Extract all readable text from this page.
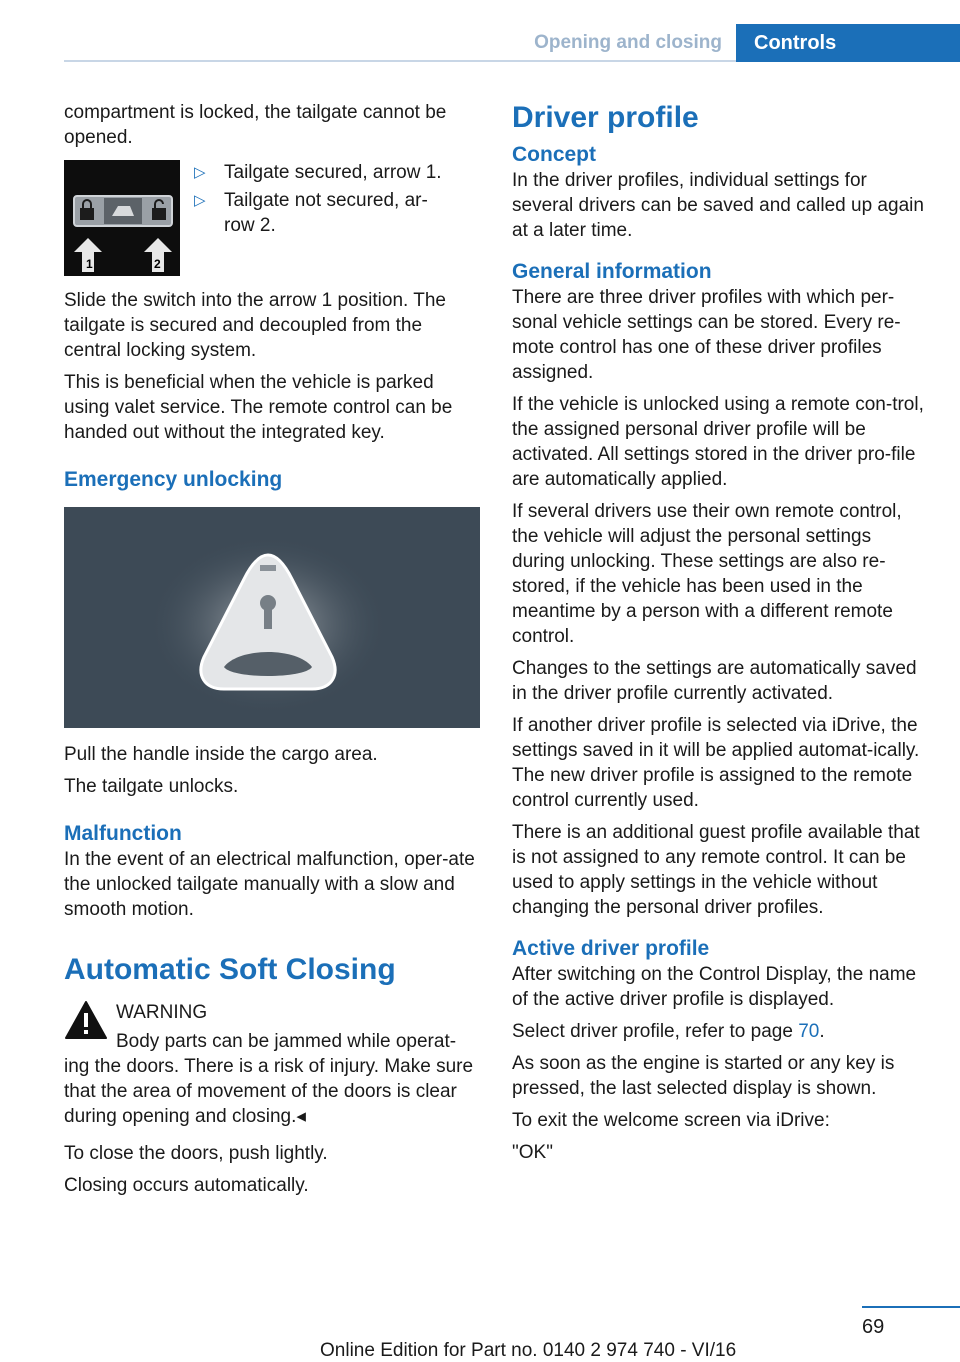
Opening and closing	Controls

compartment is locked, the tailgate cannot be opened.

1	2
▷ Tailgate secured, arrow 1.
▷ Tailgate not secured, ar-
row 2.

Slide the switch into the arrow 1 position. The tailgate is secured and decoupled from the central locking system.

This is beneficial when the vehicle is parked using valet service. The remote control can be handed out without the integrated key.

Emergency unlocking

Pull the handle inside the cargo area.

The tailgate unlocks.

Malfunction

In the event of an electrical malfunction, oper-ate the unlocked tailgate manually with a slow and smooth motion.

Automatic Soft Closing

WARNING

Body parts can be jammed while operat-

ing the doors. There is a risk of injury. Make sure that the area of movement of the doors is clear during opening and closing.◂

To close the doors, push lightly.

Closing occurs automatically.

Driver profile

Concept

In the driver profiles, individual settings for several drivers can be saved and called up again at a later time.

General information

There are three driver profiles with which per-sonal vehicle settings can be stored. Every re-mote control has one of these driver profiles assigned.

If the vehicle is unlocked using a remote con-trol, the assigned personal driver profile will be activated. All settings stored in the driver pro-file are automatically applied.

If several drivers use their own remote control, the vehicle will adjust the personal settings during unlocking. These settings are also re-stored, if the vehicle has been used in the meantime by a person with a different remote control.

Changes to the settings are automatically saved in the driver profile currently activated.

If another driver profile is selected via iDrive, the settings saved in it will be applied automat-ically. The new driver profile is assigned to the remote control currently used.

There is an additional guest profile available that is not assigned to any remote control. It can be used to apply settings in the vehicle without changing the personal driver profiles.

Active driver profile

After switching on the Control Display, the name of the active driver profile is displayed.

Select driver profile, refer to page 70.

As soon as the engine is started or any key is pressed, the last selected display is shown.

To exit the welcome screen via iDrive:

"OK"

69
Online Edition for Part no. 0140 2 974 740 - VI/16
